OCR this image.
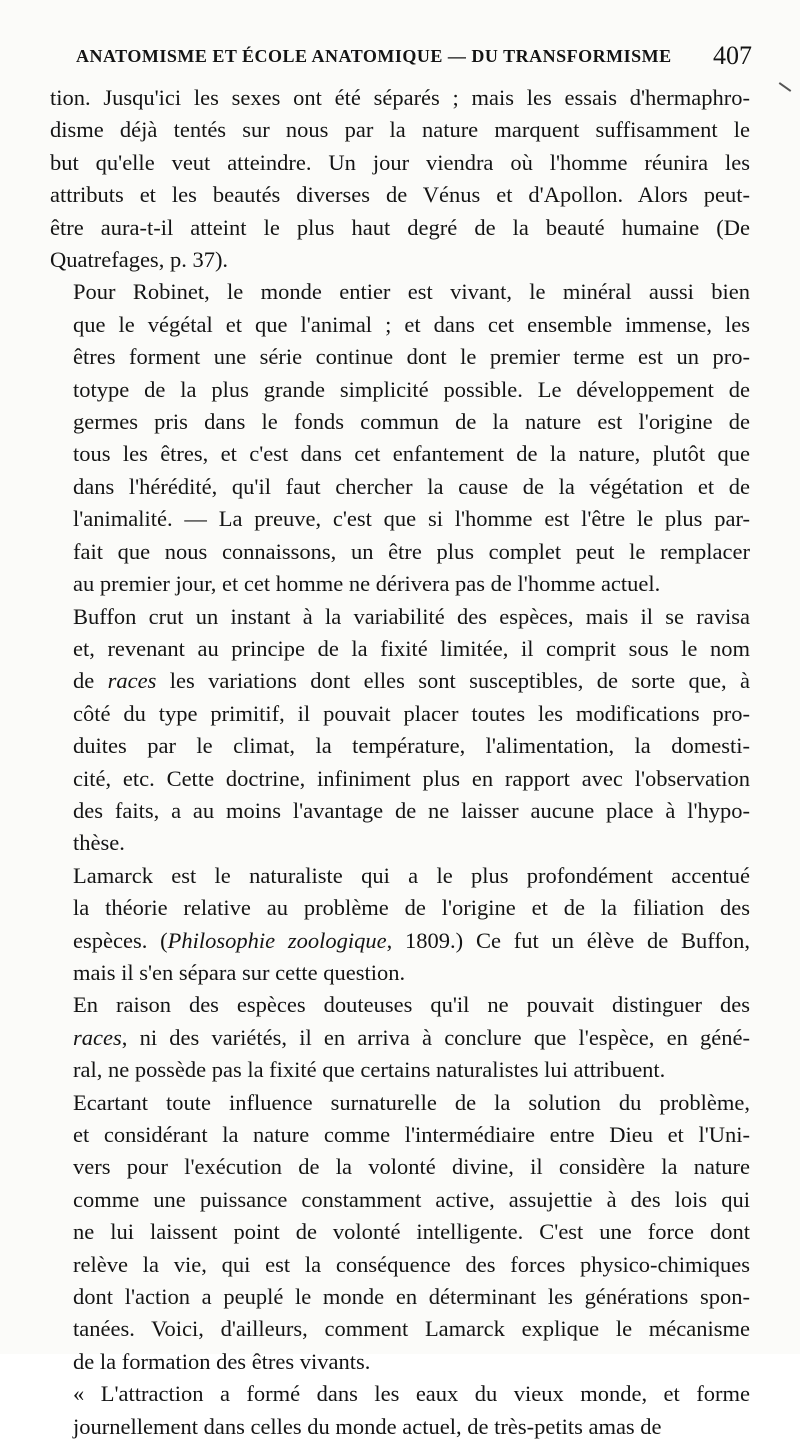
ANATOMISME ET ÉCOLE ANATOMIQUE — DU TRANSFORMISME 407

tion. Jusqu'ici les sexes ont été séparés ; mais les essais d'hermaphro-
disme déjà tentés sur nous par la nature marquent suffisamment le
but qu'elle veut atteindre. Un jour viendra où l'homme réunira les
attributs et les beautés diverses de Vénus et d'Apollon. Alors peut-
être aura-t-il atteint le plus haut degré de la beauté humaine (De
Quatrefages, p. 37).

Pour Robinet, le monde entier est vivant, le minéral aussi bien
que le végétal et que l'animal ; et dans cet ensemble immense, les
êtres forment une série continue dont le premier terme est un pro-
totype de la plus grande simplicité possible. Le développement de
germes pris dans le fonds commun de la nature est l'origine de
tous les êtres, et c'est dans cet enfantement de la nature, plutôt que
dans l'hérédité, qu'il faut chercher la cause de la végétation et de
l'animalité. — La preuve, c'est que si l'homme est l'être le plus par-
fait que nous connaissons, un être plus complet peut le remplacer
au premier jour, et cet homme ne dérivera pas de l'homme actuel.

Buffon crut un instant à la variabilité des espèces, mais il se ravisa
et, revenant au principe de la fixité limitée, il comprit sous le nom
de races les variations dont elles sont susceptibles, de sorte que, à
côté du type primitif, il pouvait placer toutes les modifications pro-
duites par le climat, la température, l'alimentation, la domesti-
cité, etc. Cette doctrine, infiniment plus en rapport avec l'observation
des faits, a au moins l'avantage de ne laisser aucune place à l'hypo-
thèse.

Lamarck est le naturaliste qui a le plus profondément accentué
la théorie relative au problème de l'origine et de la filiation des
espèces. (Philosophie zoologique, 1809.) Ce fut un élève de Buffon,
mais il s'en sépara sur cette question.

En raison des espèces douteuses qu'il ne pouvait distinguer des
races, ni des variétés, il en arriva à conclure que l'espèce, en géné-
ral, ne possède pas la fixité que certains naturalistes lui attribuent.

Ecartant toute influence surnaturelle de la solution du problème,
et considérant la nature comme l'intermédiaire entre Dieu et l'Uni-
vers pour l'exécution de la volonté divine, il considère la nature
comme une puissance constamment active, assujettie à des lois qui
ne lui laissent point de volonté intelligente. C'est une force dont
relève la vie, qui est la conséquence des forces physico-chimiques
dont l'action a peuplé le monde en déterminant les générations spon-
tanées. Voici, d'ailleurs, comment Lamarck explique le mécanisme
de la formation des êtres vivants.

« L'attraction a formé dans les eaux du vieux monde, et forme
journellement dans celles du monde actuel, de très-petits amas de
